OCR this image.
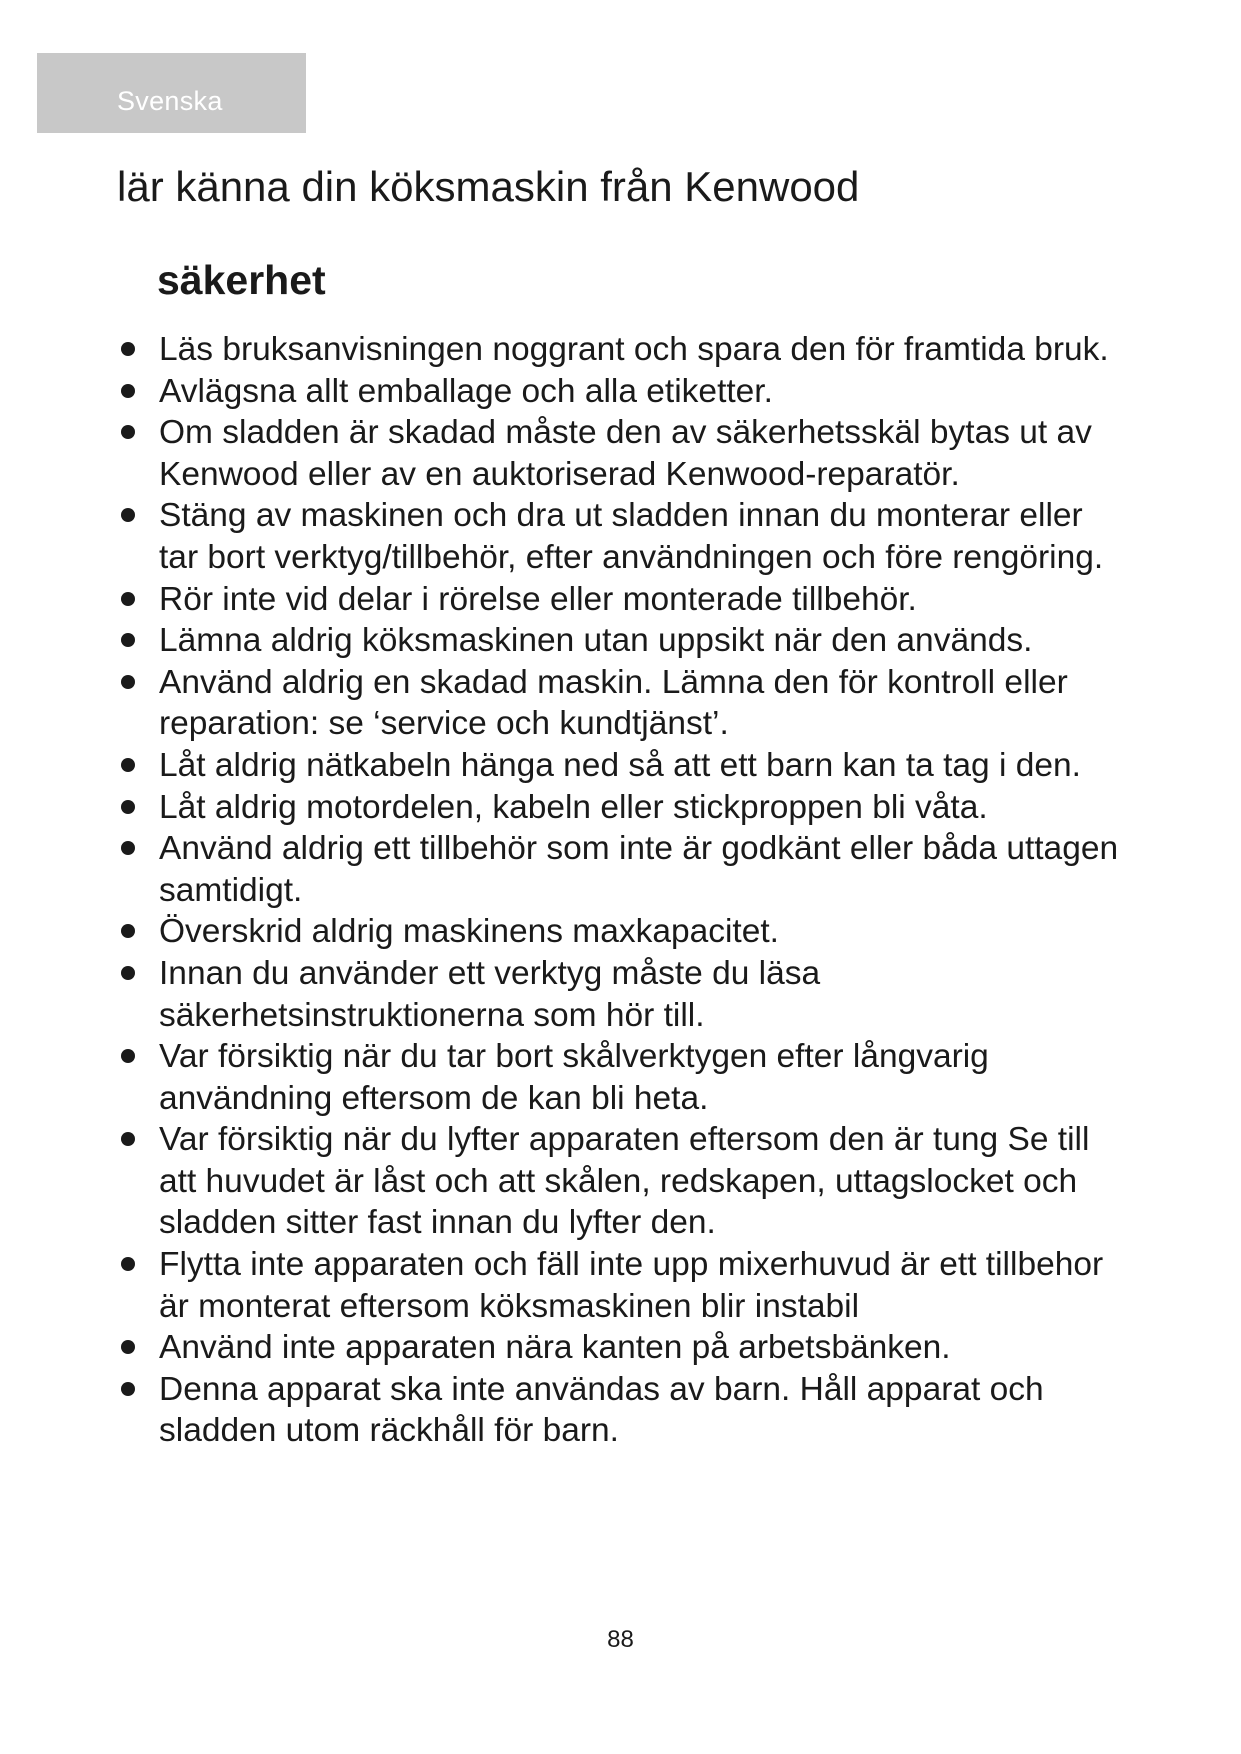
Svenska
lär känna din köksmaskin från Kenwood
säkerhet
Läs bruksanvisningen noggrant och spara den för framtida bruk.
Avlägsna allt emballage och alla etiketter.
Om sladden är skadad måste den av säkerhetsskäl bytas ut av Kenwood eller av en auktoriserad Kenwood-reparatör.
Stäng av maskinen och dra ut sladden innan du monterar eller tar bort verktyg/tillbehör, efter användningen och före rengöring.
Rör inte vid delar i rörelse eller monterade tillbehör.
Lämna aldrig köksmaskinen utan uppsikt när den används.
Använd aldrig en skadad maskin. Lämna den för kontroll eller reparation: se ‘service och kundtjänst’.
Låt aldrig nätkabeln hänga ned så att ett barn kan ta tag i den.
Låt aldrig motordelen, kabeln eller stickproppen bli våta.
Använd aldrig ett tillbehör som inte är godkänt eller båda uttagen samtidigt.
Överskrid aldrig maskinens maxkapacitet.
Innan du använder ett verktyg måste du läsa säkerhetsinstruktionerna som hör till.
Var försiktig när du tar bort skålverktygen efter långvarig användning eftersom de kan bli heta.
Var försiktig när du lyfter apparaten eftersom den är tung Se till att huvudet är låst och att skålen, redskapen, uttagslocket och sladden sitter fast innan du lyfter den.
Flytta inte apparaten och fäll inte upp mixerhuvud är ett tillbehor är monterat eftersom köksmaskinen blir instabil
Använd inte apparaten nära kanten på arbetsbänken.
Denna apparat ska inte användas av barn. Håll apparat och sladden utom räckhåll för barn.
88
